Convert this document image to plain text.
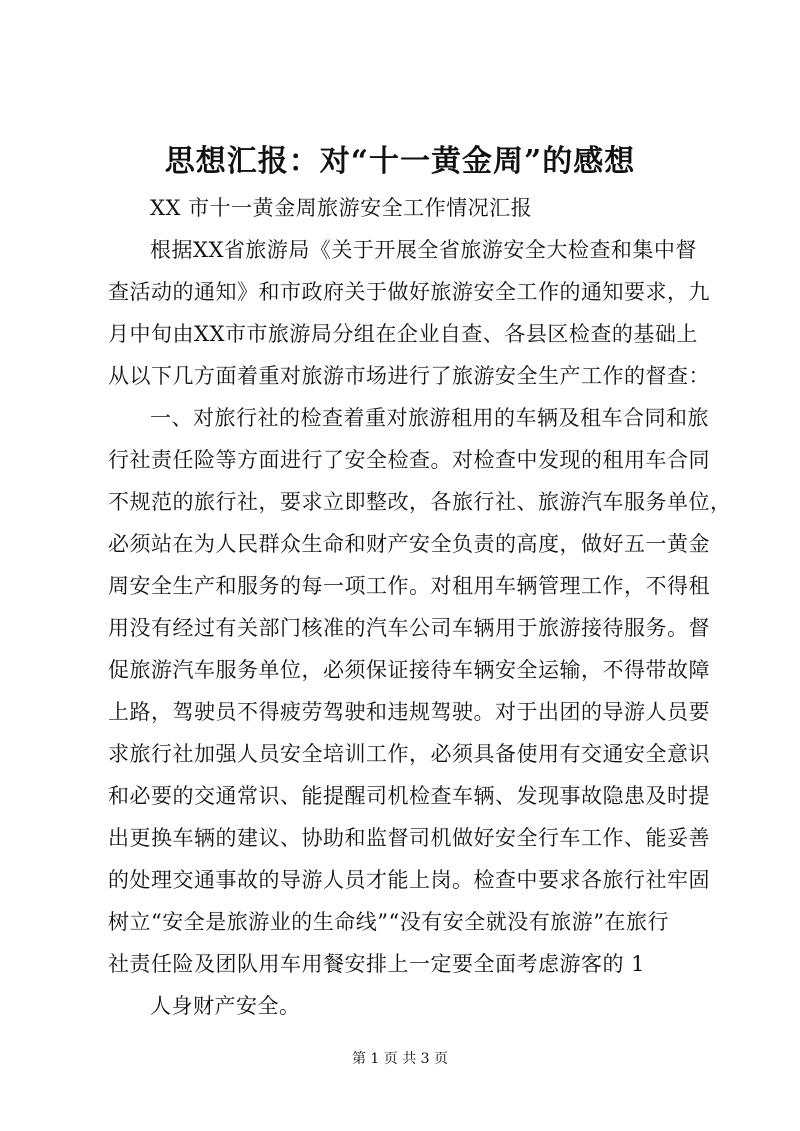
思想汇报：对“十一黄金周”的感想
XX 市十一黄金周旅游安全工作情况汇报
根据XX省旅游局《关于开展全省旅游安全大检查和集中督
查活动的通知》和市政府关于做好旅游安全工作的通知要求，九
月中旬由XX市市旅游局分组在企业自查、各县区检查的基础上
从以下几方面着重对旅游市场进行了旅游安全生产工作的督查：
一、对旅行社的检查着重对旅游租用的车辆及租车合同和旅
行社责任险等方面进行了安全检查。对检查中发现的租用车合同
不规范的旅行社，要求立即整改，各旅行社、旅游汽车服务单位，
必须站在为人民群众生命和财产安全负责的高度，做好五一黄金
周安全生产和服务的每一项工作。对租用车辆管理工作，不得租
用没有经过有关部门核准的汽车公司车辆用于旅游接待服务。督
促旅游汽车服务单位，必须保证接待车辆安全运输，不得带故障
上路，驾驶员不得疲劳驾驶和违规驾驶。对于出团的导游人员要
求旅行社加强人员安全培训工作，必须具备使用有交通安全意识
和必要的交通常识、能提醒司机检查车辆、发现事故隐患及时提
出更换车辆的建议、协助和监督司机做好安全行车工作、能妥善
的处理交通事故的导游人员才能上岗。检查中要求各旅行社牢固
树立“安全是旅游业的生命线”“没有安全就没有旅游”在旅行
社责任险及团队用车用餐安排上一定要全面考虑游客的 1
人身财产安全。
第 1 页 共 3 页
